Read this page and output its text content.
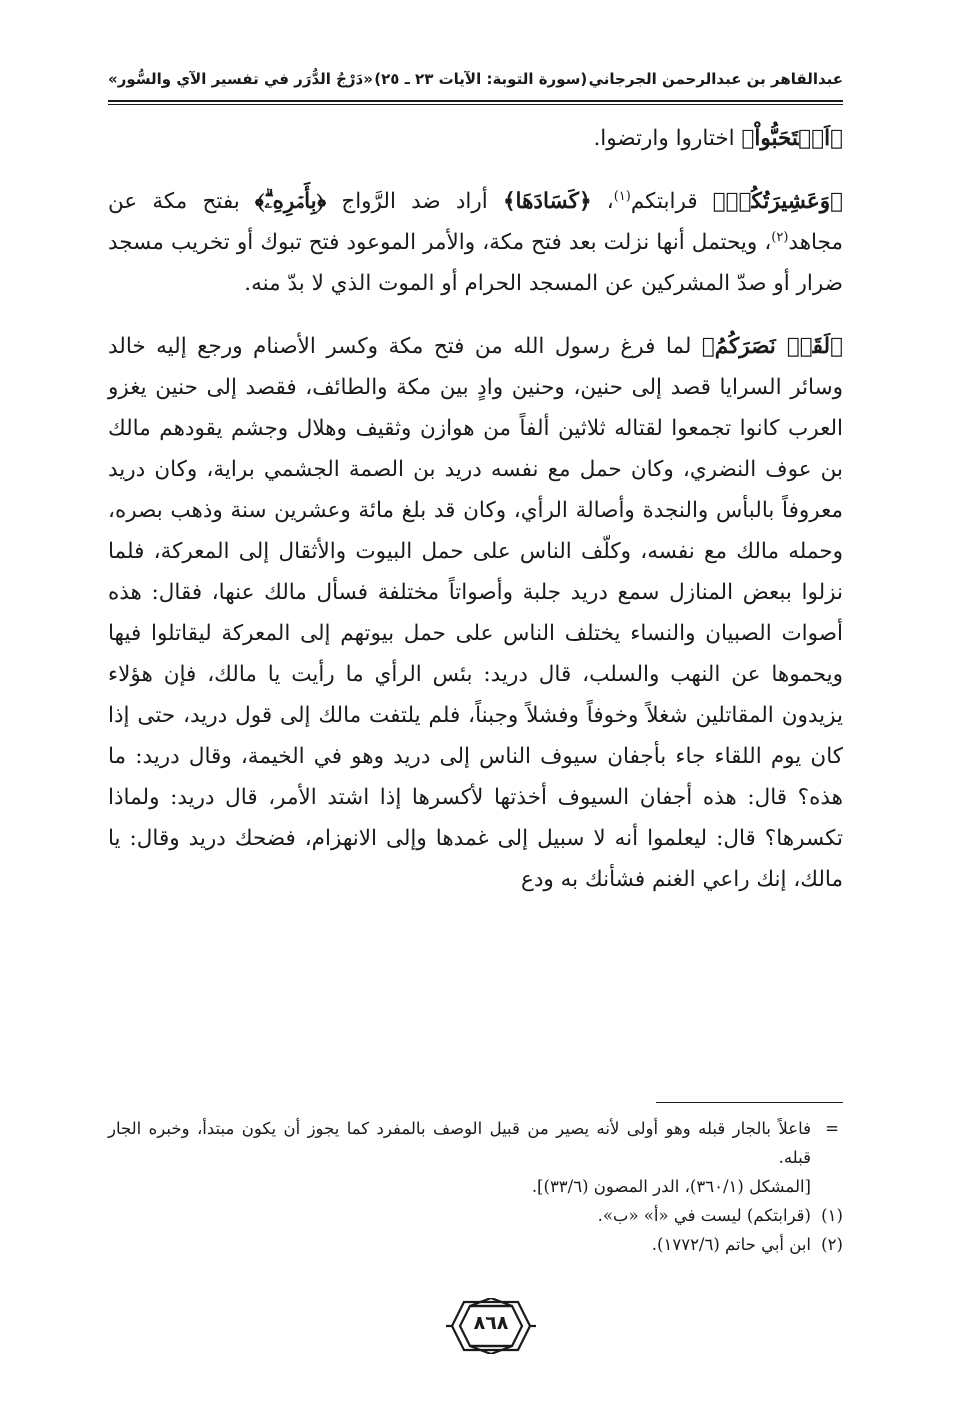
عبدالقاهر بن عبدالرحمن الجرجاني
(سورة التوبة: الآيات ٢٣ ـ ٢٥)
«دَرْجُ الدُّرَر في تفسير الآي والسُّور»

﴿اَسۡتَحَبُّواْ﴾ اختاروا وارتضوا.

﴿وَعَشِيرَتُكُمۡ﴾ قرابتكم$^{(١)}$، ﴿كَسَادَهَا﴾ أراد ضد الرَّواج ﴿بِأَمۡرِهِۦۗ﴾ بفتح مكة عن مجاهد$^{(٢)}$، ويحتمل أنها نزلت بعد فتح مكة، والأمر الموعود فتح تبوك أو تخريب مسجد ضرار أو صدّ المشركين عن المسجد الحرام أو الموت الذي لا بدّ منه.

﴿لَقَدۡ نَصَرَكُمُ﴾ لما فرغ رسول الله من فتح مكة وكسر الأصنام ورجع إليه خالد وسائر السرايا قصد إلى حنين، وحنين وادٍ بين مكة والطائف، فقصد إلى حنين يغزو العرب كانوا تجمعوا لقتاله ثلاثين ألفاً من هوازن وثقيف وهلال وجشم يقودهم مالك بن عوف النضري، وكان حمل مع نفسه دريد بن الصمة الجشمي براية، وكان دريد معروفاً بالبأس والنجدة وأصالة الرأي، وكان قد بلغ مائة وعشرين سنة وذهب بصره، وحمله مالك مع نفسه، وكلّف الناس على حمل البيوت والأثقال إلى المعركة، فلما نزلوا ببعض المنازل سمع دريد جلبة وأصواتاً مختلفة فسأل مالك عنها، فقال: هذه أصوات الصبيان والنساء يختلف الناس على حمل بيوتهم إلى المعركة ليقاتلوا فيها ويحموها عن النهب والسلب، قال دريد: بئس الرأي ما رأيت يا مالك، فإن هؤلاء يزيدون المقاتلين شغلاً وخوفاً وفشلاً وجبناً، فلم يلتفت مالك إلى قول دريد، حتى إذا كان يوم اللقاء جاء بأجفان سيوف الناس إلى دريد وهو في الخيمة، وقال دريد: ما هذه؟ قال: هذه أجفان السيوف أخذتها لأكسرها إذا اشتد الأمر، قال دريد: ولماذا تكسرها؟ قال: ليعلموا أنه لا سبيل إلى غمدها وإلى الانهزام، فضحك دريد وقال: يا مالك، إنك راعي الغنم فشأنك به ودع

=
فاعلاً بالجار قبله وهو أولى لأنه يصير من قبيل الوصف بالمفرد كما يجوز أن يكون مبتدأ، وخبره الجار قبله.
[المشكل (٣٦٠/١)، الدر المصون (٣٣/٦)].
(١)
(قرابتكم) ليست في «أ» «ب».
(٢)
ابن أبي حاتم (١٧٧٢/٦).
٨٦٨
